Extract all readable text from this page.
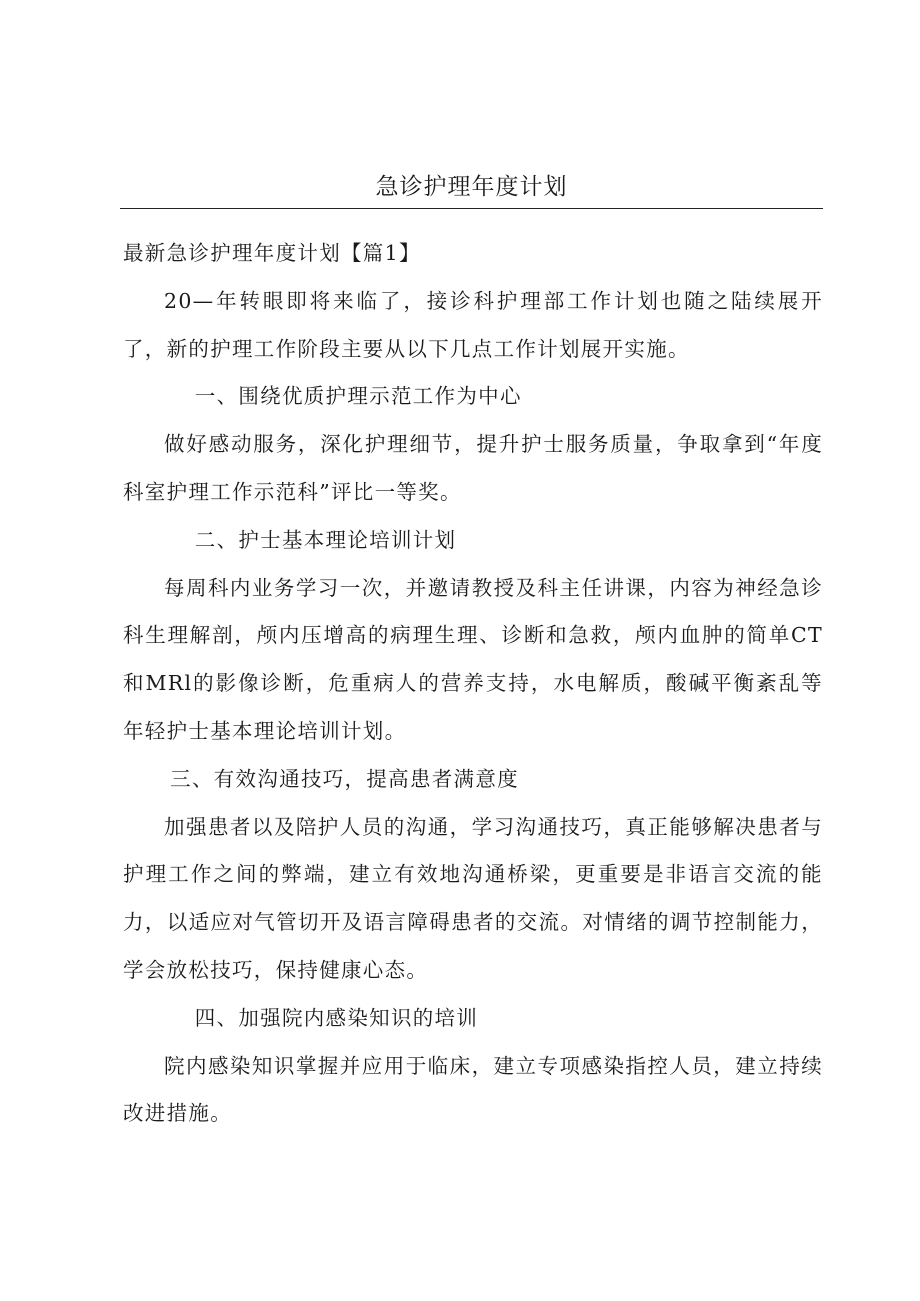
急诊护理年度计划

最新急诊护理年度计划【篇1】

20—年转眼即将来临了，接诊科护理部工作计划也随之陆续展开了，新的护理工作阶段主要从以下几点工作计划展开实施。

一、围绕优质护理示范工作为中心

做好感动服务，深化护理细节，提升护士服务质量，争取拿到“年度科室护理工作示范科”评比一等奖。

二、护士基本理论培训计划

每周科内业务学习一次，并邀请教授及科主任讲课，内容为神经急诊科生理解剖，颅内压增高的病理生理、诊断和急救，颅内血肿的简单CT和MRl的影像诊断，危重病人的营养支持，水电解质，酸碱平衡紊乱等年轻护士基本理论培训计划。

三、有效沟通技巧，提高患者满意度

加强患者以及陪护人员的沟通，学习沟通技巧，真正能够解决患者与护理工作之间的弊端，建立有效地沟通桥梁，更重要是非语言交流的能力，以适应对气管切开及语言障碍患者的交流。对情绪的调节控制能力，学会放松技巧，保持健康心态。

四、加强院内感染知识的培训

院内感染知识掌握并应用于临床，建立专项感染指控人员，建立持续改进措施。
